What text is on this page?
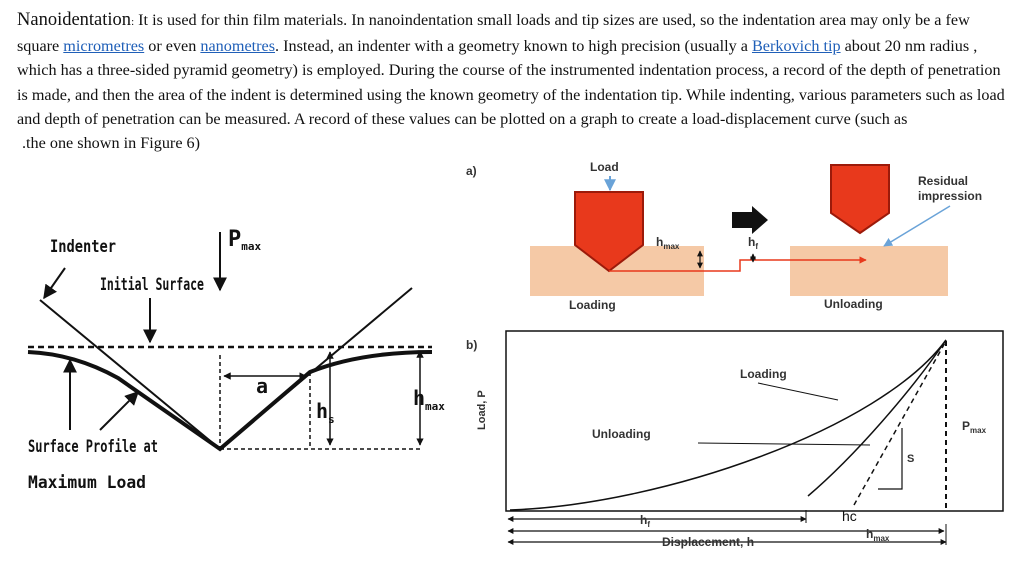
Nanoidentation: It is used for thin film materials. In nanoindentation small loads and tip sizes are used, so the indentation area may only be a few square micrometres or even nanometres. Instead, an indenter with a geometry known to high precision (usually a Berkovich tip about 20 nm radius , which has a three-sided pyramid geometry) is employed. During the course of the instrumented indentation process, a record of the depth of penetration is made, and then the area of the indent is determined using the known geometry of the indentation tip. While indenting, various parameters such as load and depth of penetration can be measured. A record of these values can be plotted on a graph to create a load-displacement curve (such as
.the one shown in Figure 6)
Indenter
Initial Surface
Pmax
Surface Profile at
Maximum Load
a
$h_s$
$h_{max}$
a)	Load
$h_{max}$	$h_f$
Residual
impression
Loading	Unloading
b)
Load, P
Loading
Unloading
S
$P_{max}$
$h_f$
hc
$h_{max}$
Displacement, h
